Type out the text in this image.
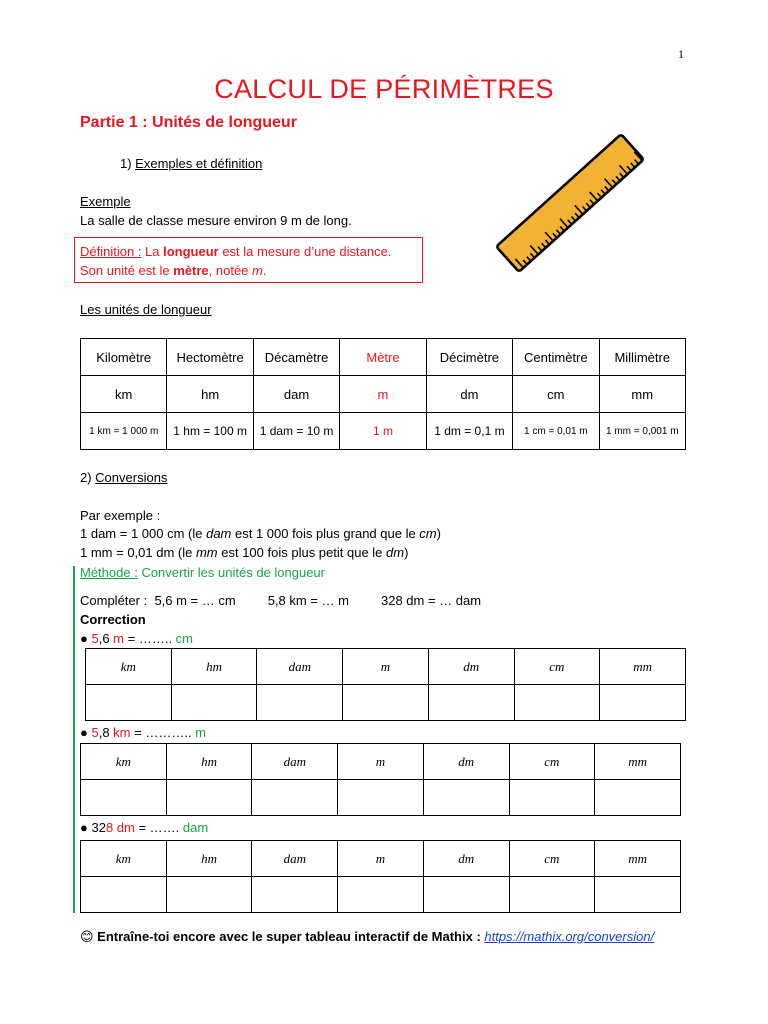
1
CALCUL DE PÉRIMÈTRES
Partie 1 : Unités de longueur
1) Exemples et définition
Exemple
La salle de classe mesure environ 9 m de long.
Définition : La longueur est la mesure d’une distance.
Son unité est le mètre, notée m.
Les unités de longueur
Kilomètre	Hectomètre	Décamètre	Mètre	Décimètre	Centimètre	Millimètre
km	hm	dam	m	dm	cm	mm
1 km = 1 000 m	1 hm = 100 m	1 dam = 10 m	1 m	1 dm = 0,1 m	1 cm = 0,01 m	1 mm = 0,001 m
2) Conversions
Par exemple :
1 dam = 1 000 cm (le dam est 1 000 fois plus grand que le cm)
1 mm = 0,01 dm (le mm est 100 fois plus petit que le dm)
Méthode : Convertir les unités de longueur
Compléter : 5,6 m = … cm 5,8 km = … m 328 dm = … dam
Correction
● 5,6 m = …….. cm
km	hm	dam	m	dm	cm	mm

● 5,8 km = ……….. m
km	hm	dam	m	dm	cm	mm

● 328 dm = ……. dam
km	hm	dam	m	dm	cm	mm

😊 Entraîne-toi encore avec le super tableau interactif de Mathix : https://mathix.org/conversion/
